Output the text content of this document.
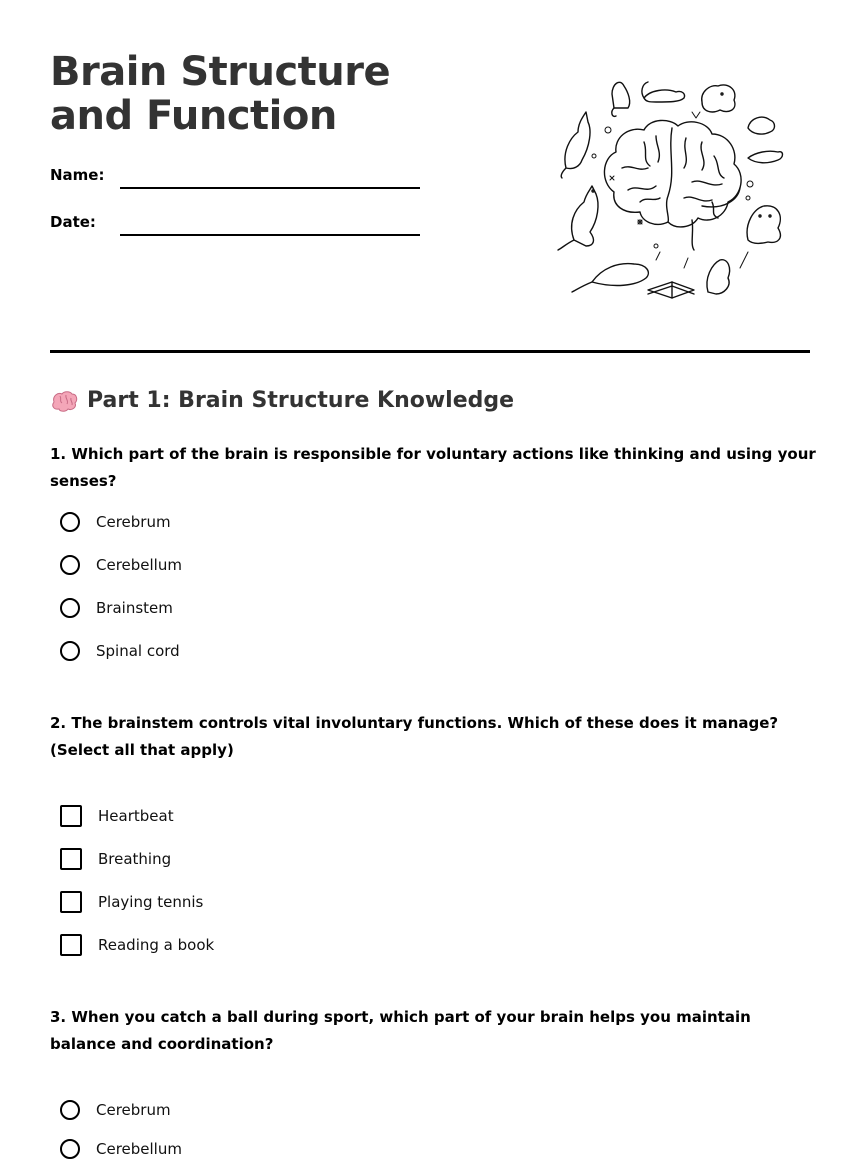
Brain Structure and Function
Name:
Date:
Part 1: Brain Structure Knowledge

1. Which part of the brain is responsible for voluntary actions like thinking and using your senses?

Cerebrum
Cerebellum
Brainstem
Spinal cord

2. The brainstem controls vital involuntary functions. Which of these does it manage? (Select all that apply)

Heartbeat
Breathing
Playing tennis
Reading a book

3. When you catch a ball during sport, which part of your brain helps you maintain balance and coordination?

Cerebrum
Cerebellum
